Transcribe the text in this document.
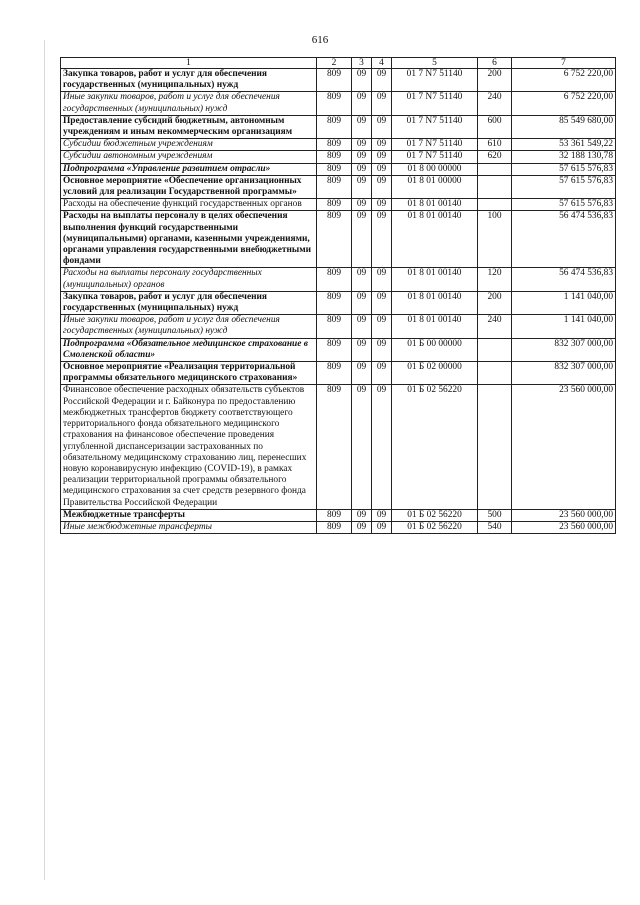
616
1	2	3	4	5	6	7
Закупка товаров, работ и услуг для обеспечения государственных (муниципальных) нужд	809	09	09	01 7 N7 51140	200	6 752 220,00
Иные закупки товаров, работ и услуг для обеспечения государственных (муниципальных) нужд	809	09	09	01 7 N7 51140	240	6 752 220,00
Предоставление субсидий бюджетным, автономным учреждениям и иным некоммерческим организациям	809	09	09	01 7 N7 51140	600	85 549 680,00
Субсидии бюджетным учреждениям	809	09	09	01 7 N7 51140	610	53 361 549,22
Субсидии автономным учреждениям	809	09	09	01 7 N7 51140	620	32 188 130,78
Подпрограмма «Управление развитием отрасли»	809	09	09	01 8 00 00000		57 615 576,83
Основное мероприятие «Обеспечение организационных условий для реализации Государственной программы»	809	09	09	01 8 01 00000		57 615 576,83
Расходы на обеспечение функций государственных органов	809	09	09	01 8 01 00140		57 615 576,83
Расходы на выплаты персоналу в целях обеспечения выполнения функций государственными (муниципальными) органами, казенными учреждениями, органами управления государственными внебюджетными фондами	809	09	09	01 8 01 00140	100	56 474 536,83
Расходы на выплаты персоналу государственных (муниципальных) органов	809	09	09	01 8 01 00140	120	56 474 536,83
Закупка товаров, работ и услуг для обеспечения государственных (муниципальных) нужд	809	09	09	01 8 01 00140	200	1 141 040,00
Иные закупки товаров, работ и услуг для обеспечения государственных (муниципальных) нужд	809	09	09	01 8 01 00140	240	1 141 040,00
Подпрограмма «Обязательное медицинское страхование в Смоленской области»	809	09	09	01 Б 00 00000		832 307 000,00
Основное мероприятие «Реализация территориальной программы обязательного медицинского страхования»	809	09	09	01 Б 02 00000		832 307 000,00
Финансовое обеспечение расходных обязательств субъектов Российской Федерации и г. Байконура по предоставлению межбюджетных трансфертов бюджету соответствующего территориального фонда обязательного медицинского страхования на финансовое обеспечение проведения углубленной диспансеризации застрахованных по обязательному медицинскому страхованию лиц, перенесших новую коронавирусную инфекцию (COVID-19), в рамках реализации территориальной программы обязательного медицинского страхования за счет средств резервного фонда Правительства Российской Федерации	809	09	09	01 Б 02 56220		23 560 000,00
Межбюджетные трансферты	809	09	09	01 Б 02 56220	500	23 560 000,00
Иные межбюджетные трансферты	809	09	09	01 Б 02 56220	540	23 560 000,00
